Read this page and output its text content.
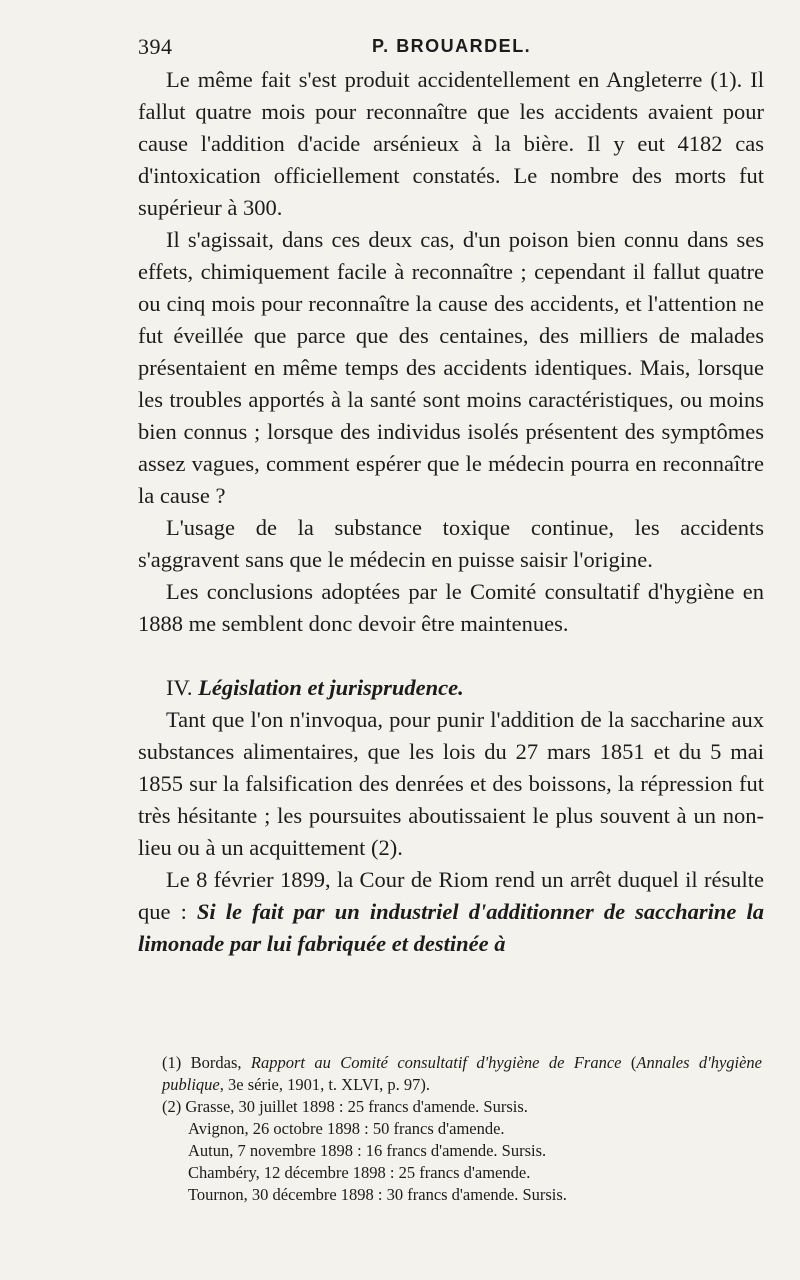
394	P. BROUARDEL.

Le même fait s'est produit accidentellement en Angleterre (1). Il fallut quatre mois pour reconnaître que les accidents avaient pour cause l'addition d'acide arsénieux à la bière. Il y eut 4182 cas d'intoxication officiellement constatés. Le nombre des morts fut supérieur à 300.

Il s'agissait, dans ces deux cas, d'un poison bien connu dans ses effets, chimiquement facile à reconnaître ; cependant il fallut quatre ou cinq mois pour reconnaître la cause des accidents, et l'attention ne fut éveillée que parce que des centaines, des milliers de malades présentaient en même temps des accidents identiques. Mais, lorsque les troubles apportés à la santé sont moins caractéristiques, ou moins bien connus ; lorsque des individus isolés présentent des symptômes assez vagues, comment espérer que le médecin pourra en reconnaître la cause ?

L'usage de la substance toxique continue, les accidents s'aggravent sans que le médecin en puisse saisir l'origine.

Les conclusions adoptées par le Comité consultatif d'hygiène en 1888 me semblent donc devoir être maintenues.

IV. Législation et jurisprudence.

Tant que l'on n'invoqua, pour punir l'addition de la saccharine aux substances alimentaires, que les lois du 27 mars 1851 et du 5 mai 1855 sur la falsification des denrées et des boissons, la répression fut très hésitante ; les poursuites aboutissaient le plus souvent à un non-lieu ou à un acquittement (2).

Le 8 février 1899, la Cour de Riom rend un arrêt duquel il résulte que : Si le fait par un industriel d'additionner de saccharine la limonade par lui fabriquée et destinée à

(1) Bordas, Rapport au Comité consultatif d'hygiène de France (Annales d'hygiène publique, 3e série, 1901, t. XLVI, p. 97).

(2) Grasse, 30 juillet 1898 : 25 francs d'amende. Sursis.

Avignon, 26 octobre 1898 : 50 francs d'amende.

Autun, 7 novembre 1898 : 16 francs d'amende. Sursis.

Chambéry, 12 décembre 1898 : 25 francs d'amende.

Tournon, 30 décembre 1898 : 30 francs d'amende. Sursis.
